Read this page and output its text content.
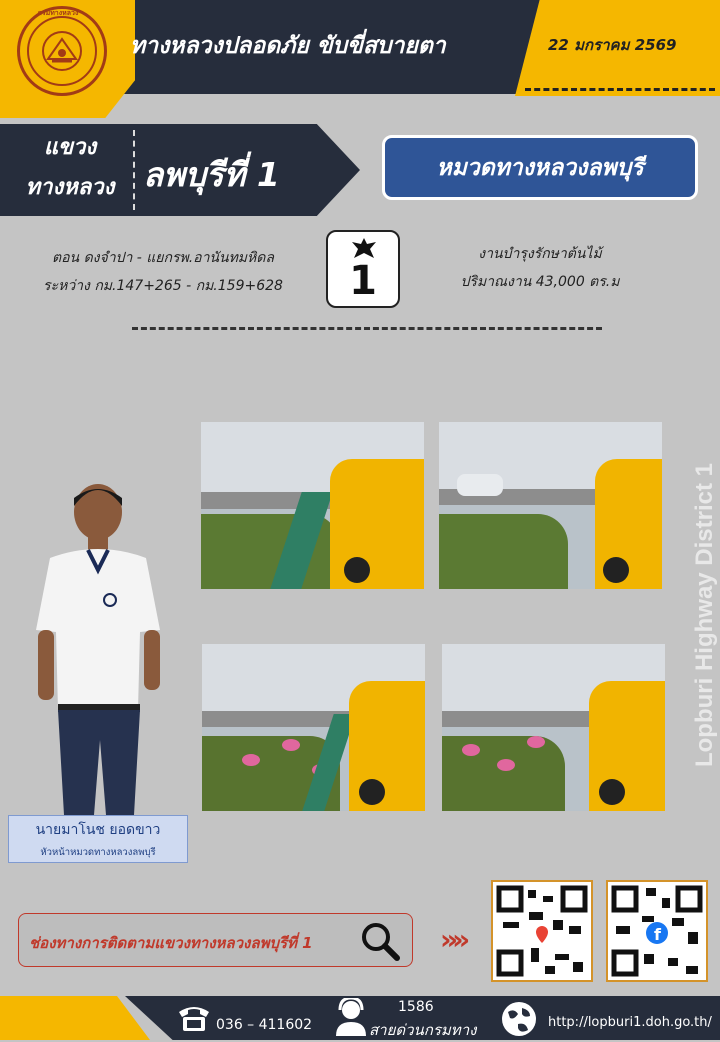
กรมทางหลวง
ทางหลวงปลอดภัย ขับขี่สบายตา	22 มกราคม 2569
แขวง
ทางหลวง ลพบุรีที่ 1	หมวดทางหลวงลพบุรี
ตอน ดงจำปา - แยกรพ.อานันทมหิดล
ระหว่าง กม.147+265 - กม.159+628	1
งานบำรุงรักษาต้นไม้
ปริมาณงาน 43,000 ตร.ม
Lopburi Highway District 1
นายมาโนช ยอดขาว
หัวหน้าหมวดทางหลวงลพบุรี
ช่องทางการติดตามแขวงทางหลวงลพบุรีที่ 1	»»	f
036 – 411602
1586
สายด่วนกรมทาง	http://lopburi1.doh.go.th/
